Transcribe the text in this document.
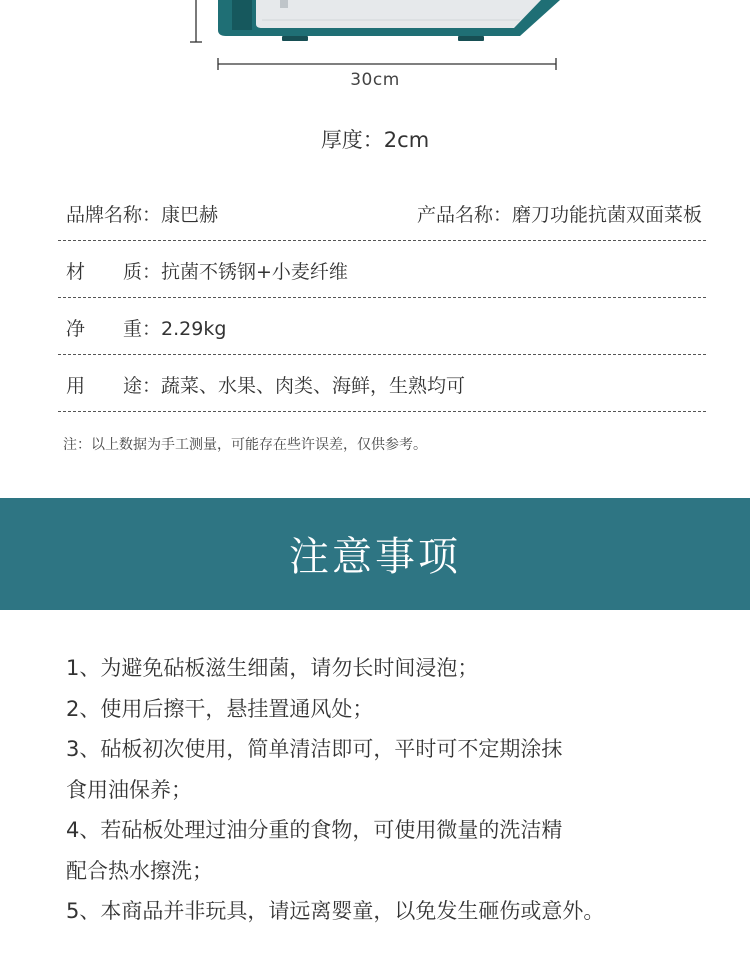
30cm
厚度：2cm
品牌名称：康巴赫	产品名称：磨刀功能抗菌双面菜板
材　　质：抗菌不锈钢+小麦纤维
净　　重：2.29kg
用　　途：蔬菜、水果、肉类、海鲜，生熟均可
注：以上数据为手工测量，可能存在些许误差，仅供参考。
注意事项
1、为避免砧板滋生细菌，请勿长时间浸泡；
2、使用后擦干，悬挂置通风处；
3、砧板初次使用，简单清洁即可，平时可不定期涂抹
食用油保养；
4、若砧板处理过油分重的食物，可使用微量的洗洁精
配合热水擦洗；
5、本商品并非玩具，请远离婴童，以免发生砸伤或意外。
